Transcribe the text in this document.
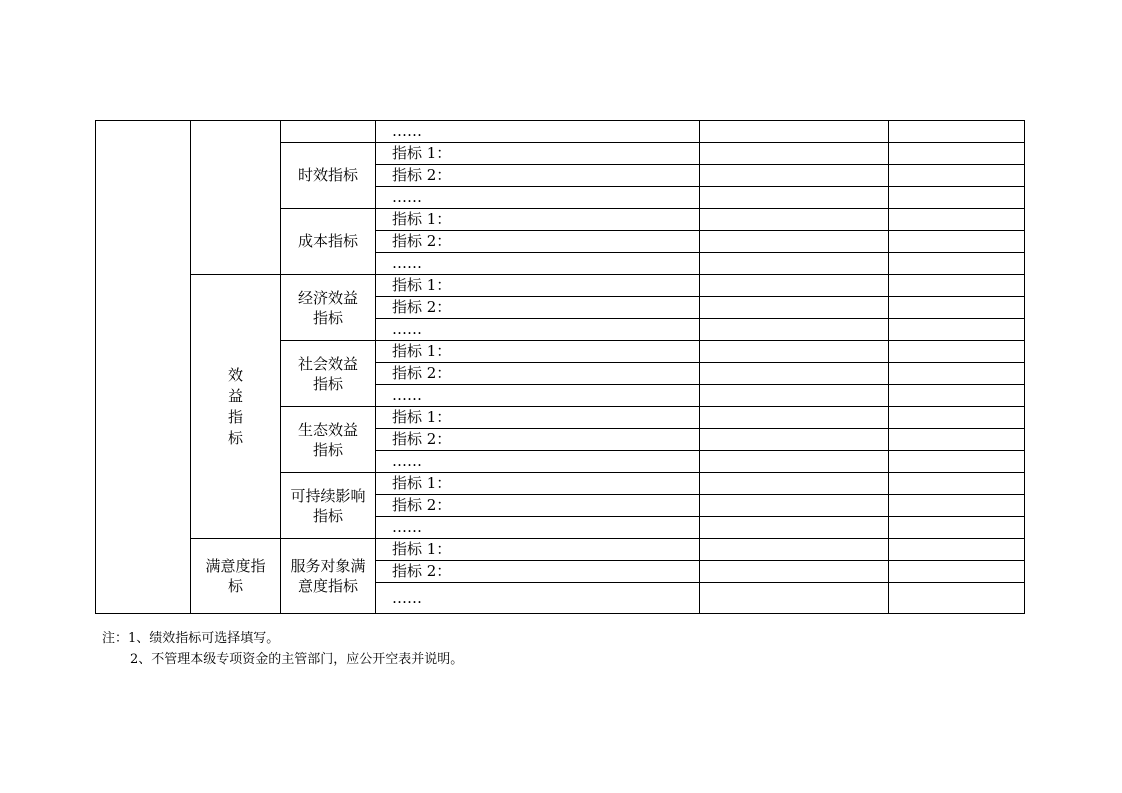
			……		
		时效指标	指标 1：		
			指标 2：		
			……		
		成本指标	指标 1：		
			指标 2：		
			……		
	效益指标	经济效益指标	指标 1：		
			指标 2：		
			……		
		社会效益指标	指标 1：		
			指标 2：		
			……		
		生态效益指标	指标 1：		
			指标 2：		
			……		
		可持续影响指标	指标 1：		
			指标 2：		
			……		
	满意度指标	服务对象满意度指标	指标 1：		
			指标 2：		
			……		
注：1、绩效指标可选择填写。
2、不管理本级专项资金的主管部门，应公开空表并说明。
